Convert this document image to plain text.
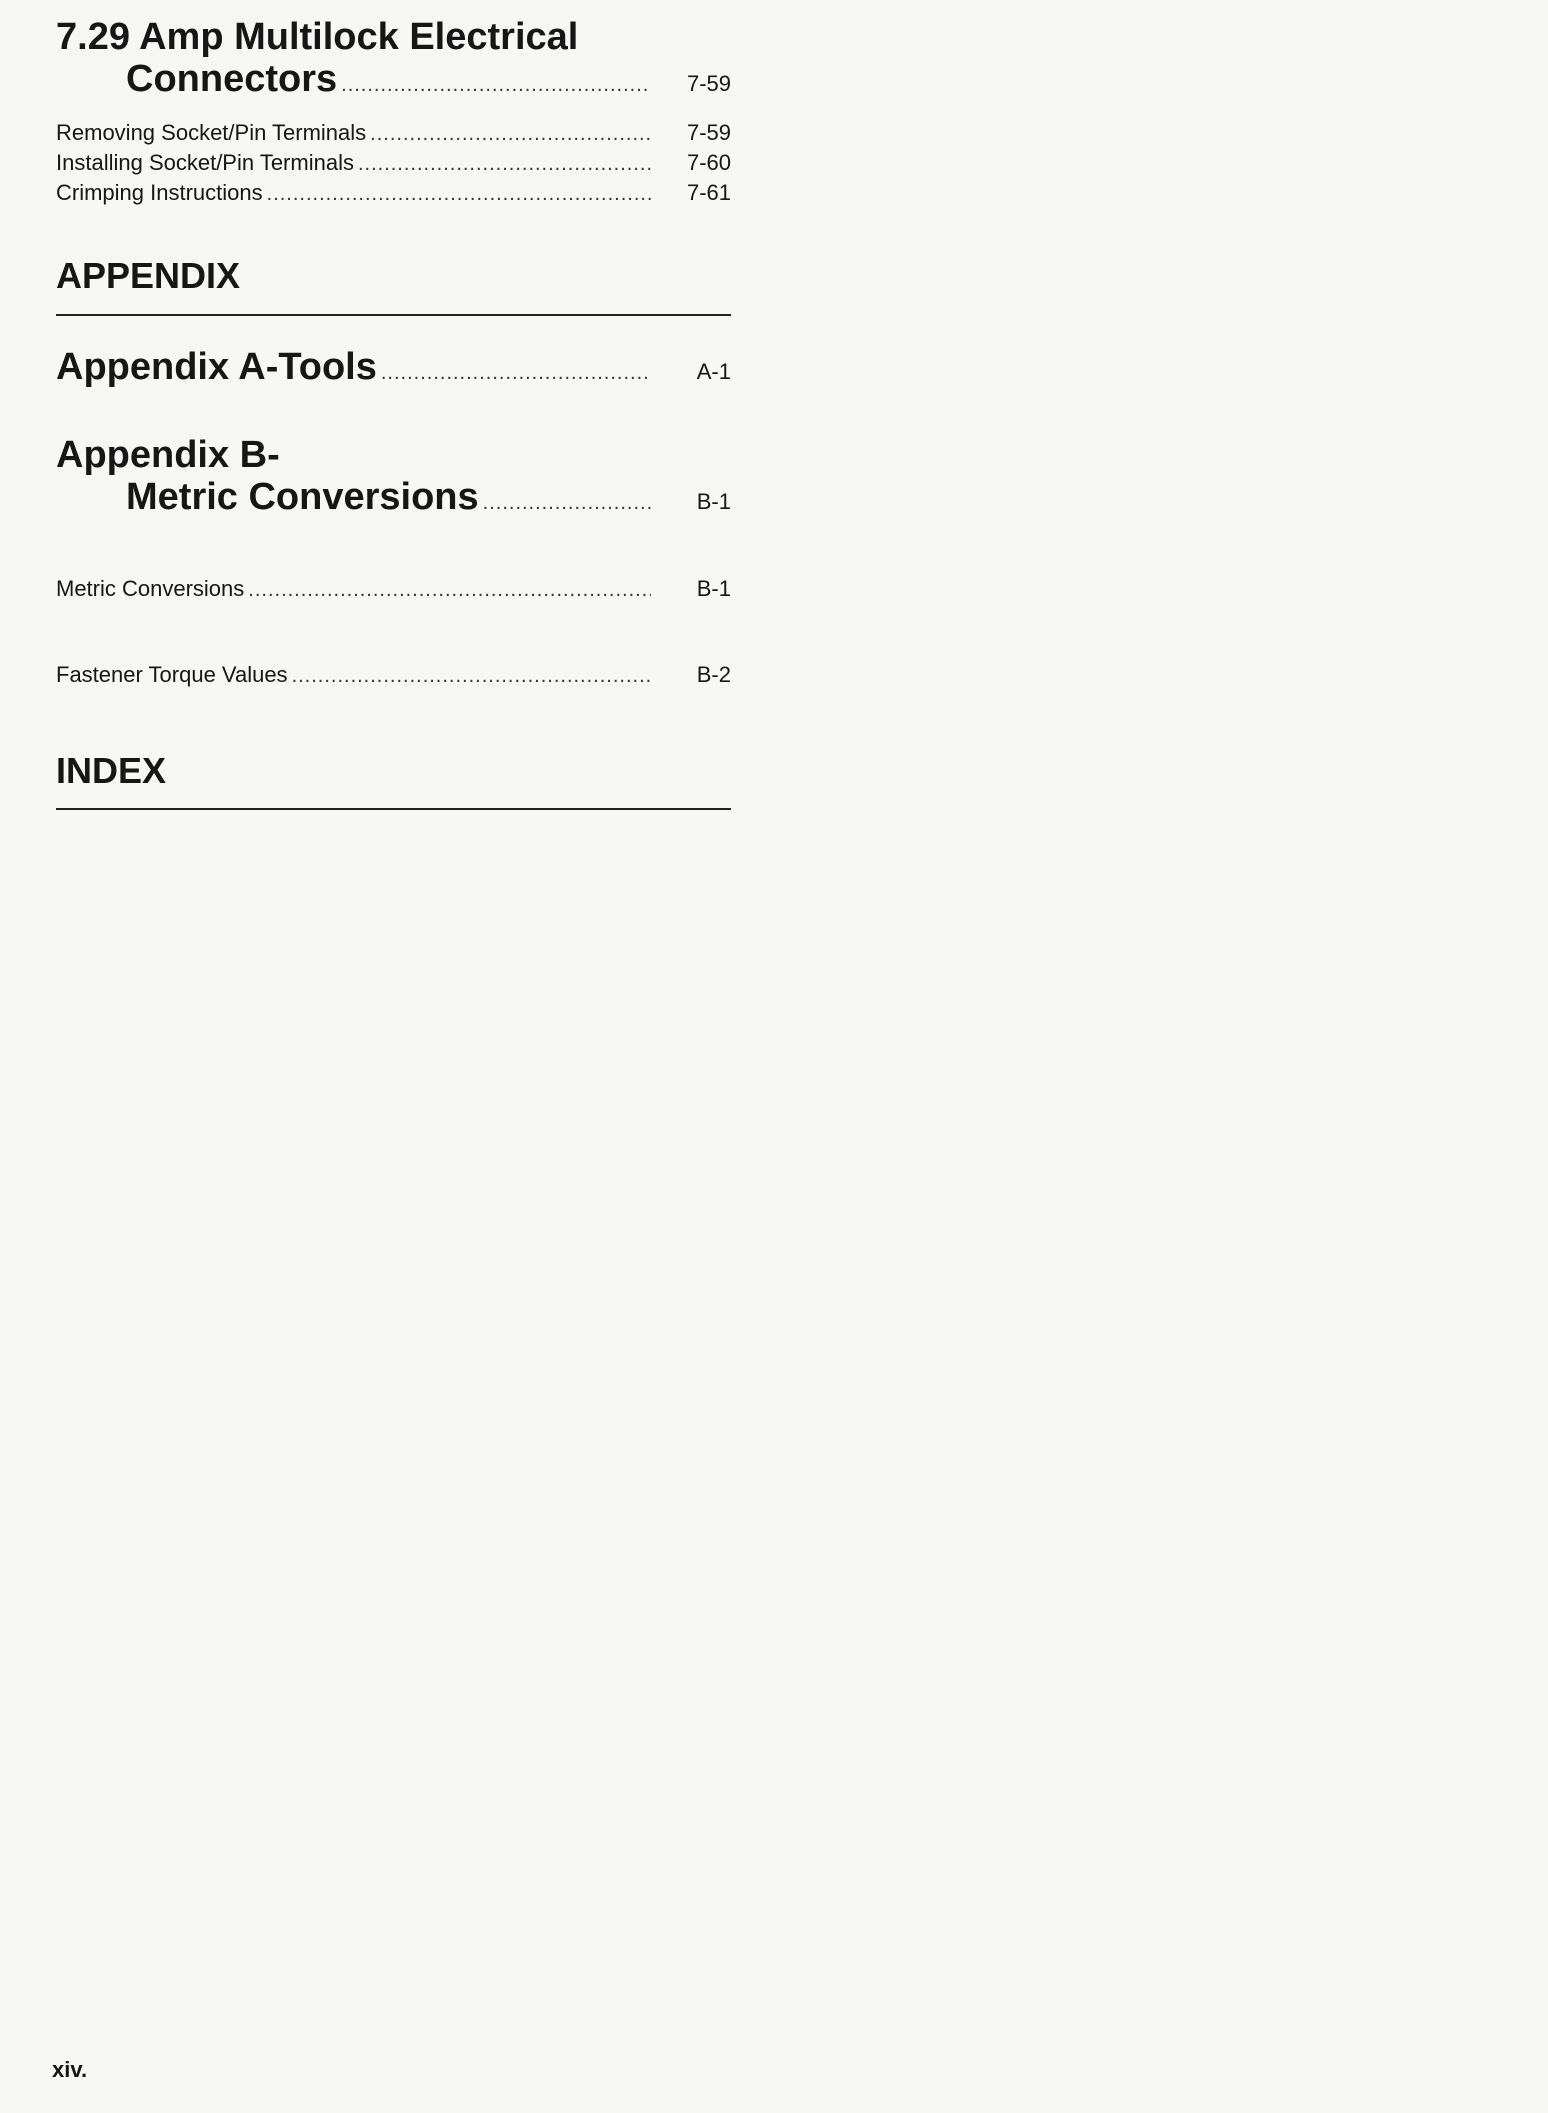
7.29 Amp Multilock Electrical
Connectors .....	7-59
Removing Socket/Pin Terminals .....	7-59
Installing Socket/Pin Terminals .....	7-60
Crimping Instructions .....	7-61
APPENDIX
Appendix A-Tools .....	A-1
Appendix B-
Metric Conversions .....	B-1
Metric Conversions .....	B-1
Fastener Torque Values .....	B-2
INDEX
xiv.
